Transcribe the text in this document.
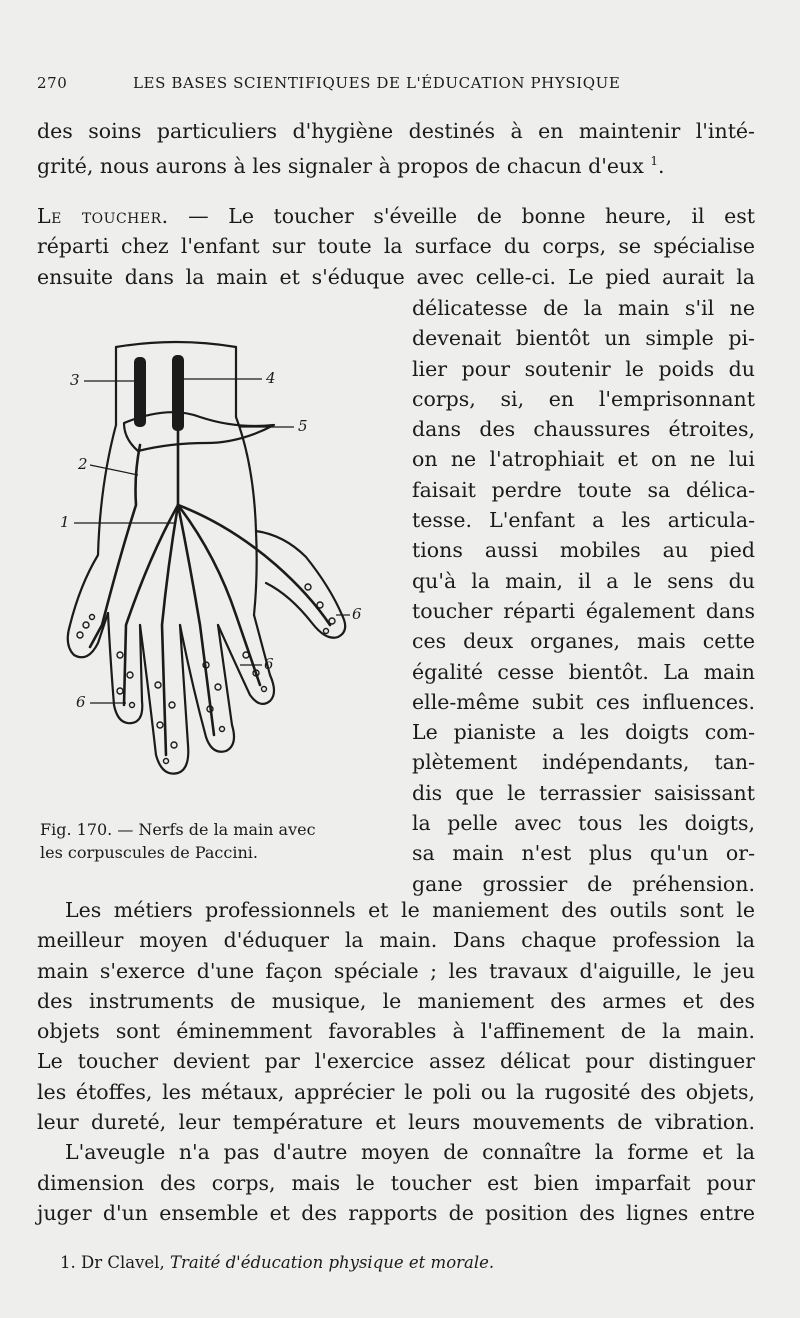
270	LES BASES SCIENTIFIQUES DE L'ÉDUCATION PHYSIQUE
des soins particuliers d'hygiène destinés à en maintenir l'inté-
grité, nous aurons à les signaler à propos de chacun d'eux $^1$.
Le toucher. — Le toucher s'éveille de bonne heure, il est
réparti chez l'enfant sur toute la surface du corps, se spécialise
ensuite dans la main et s'éduque avec celle-ci. Le pied aurait la
délicatesse de la main s'il ne
devenait bientôt un simple pi-
lier pour soutenir le poids du
corps, si, en l'emprisonnant
dans des chaussures étroites,
on ne l'atrophiait et on ne lui
faisait perdre toute sa délica-
tesse. L'enfant a les articula-
tions aussi mobiles au pied
qu'à la main, il a le sens du
toucher réparti également dans
ces deux organes, mais cette
égalité cesse bientôt. La main
elle-même subit ces influences.
Le pianiste a les doigts com-
plètement indépendants, tan-
dis que le terrassier saisissant
la pelle avec tous les doigts,
sa main n'est plus qu'un or-
gane grossier de préhension.
3	4
5
2
1
6
6
6
Fig. 170. — Nerfs de la main avec
les corpuscules de Paccini.
Les métiers professionnels et le maniement des outils sont le
meilleur moyen d'éduquer la main. Dans chaque profession la
main s'exerce d'une façon spéciale ; les travaux d'aiguille, le jeu
des instruments de musique, le maniement des armes et des
objets sont éminemment favorables à l'affinement de la main.
Le toucher devient par l'exercice assez délicat pour distinguer
les étoffes, les métaux, apprécier le poli ou la rugosité des objets,
leur dureté, leur température et leurs mouvements de vibration.
L'aveugle n'a pas d'autre moyen de connaître la forme et la
dimension des corps, mais le toucher est bien imparfait pour
juger d'un ensemble et des rapports de position des lignes entre
1. Dr Clavel, Traité d'éducation physique et morale.
